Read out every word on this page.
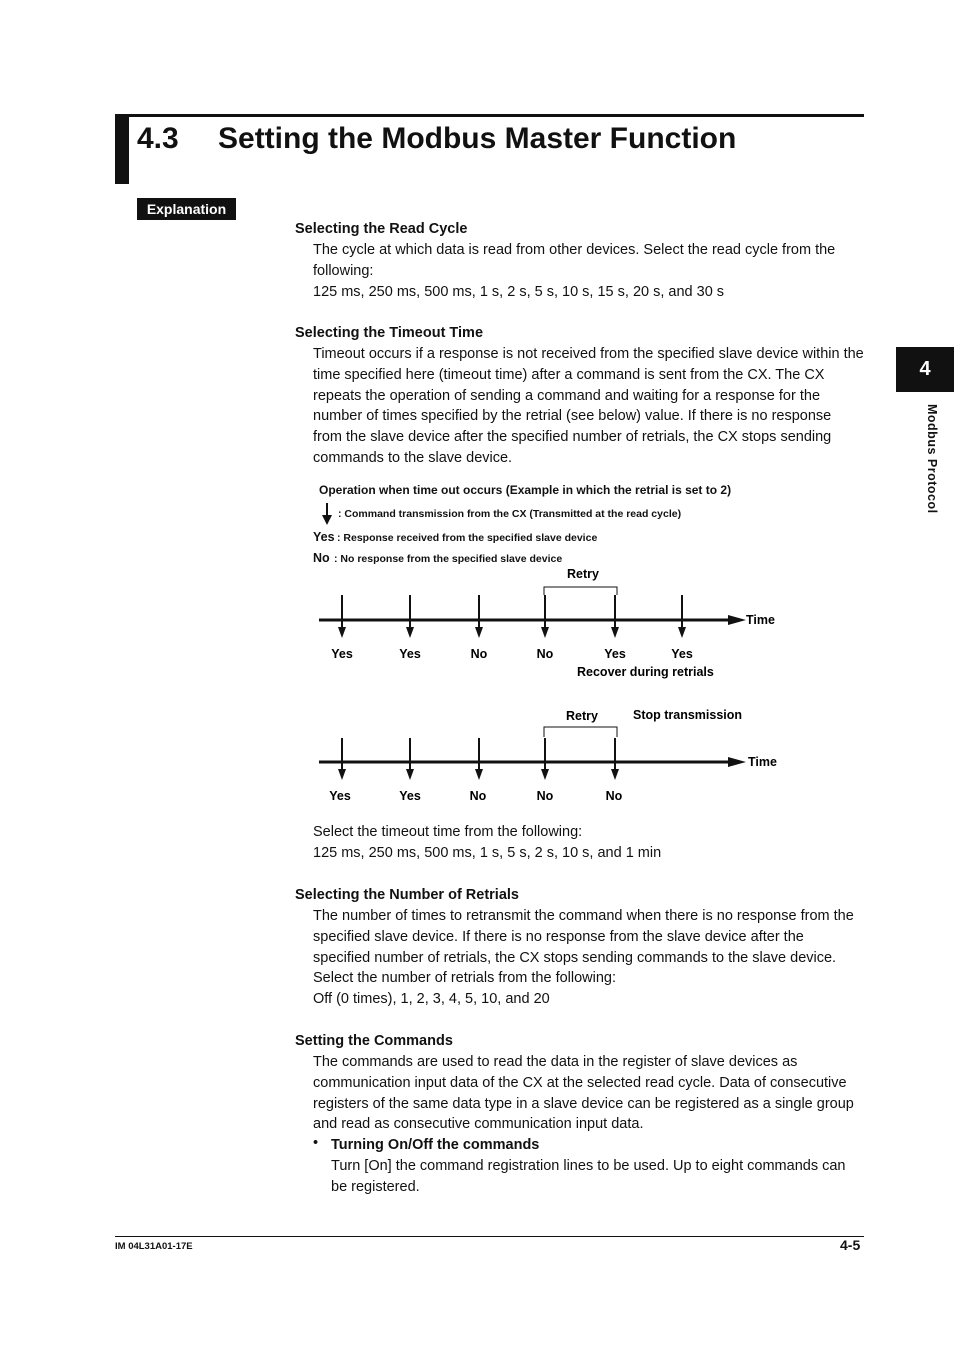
4.3 Setting the Modbus Master Function
Explanation
4
Modbus Protocol
Selecting the Read Cycle

The cycle at which data is read from other devices. Select the read cycle from the

following:

125 ms, 250 ms, 500 ms, 1 s, 2 s, 5 s, 10 s, 15 s, 20 s, and 30 s

Selecting the Timeout Time

Timeout occurs if a response is not received from the specified slave device within the

time specified here (timeout time) after a command is sent from the CX. The CX

repeats the operation of sending a command and waiting for a response for the

number of times specified by the retrial (see below) value. If there is no response

from the slave device after the specified number of retrials, the CX stops sending

commands to the slave device.

Operation when time out occurs (Example in which the retrial is set to 2)
: Command transmission from the CX (Transmitted at the read cycle)
Yes : Response received from the specified slave device
No : No response from the specified slave device
Time
Retry
Yes	Yes	No	No	Yes	Yes
Recover during retrials
Time
Retry	Stop transmission
Yes	Yes	No	No	No

Select the timeout time from the following:

125 ms, 250 ms, 500 ms, 1 s, 5 s, 2 s, 10 s, and 1 min

Selecting the Number of Retrials

The number of times to retransmit the command when there is no response from the

specified slave device. If there is no response from the slave device after the

specified number of retrials, the CX stops sending commands to the slave device.

Select the number of retrials from the following:

Off (0 times), 1, 2, 3, 4, 5, 10, and 20

Setting the Commands

The commands are used to read the data in the register of slave devices as

communication input data of the CX at the selected read cycle. Data of consecutive

registers of the same data type in a slave device can be registered as a single group

and read as consecutive communication input data.

• Turning On/Off the commands

Turn [On] the command registration lines to be used. Up to eight commands can

be registered.

IM 04L31A01-17E	4-5
